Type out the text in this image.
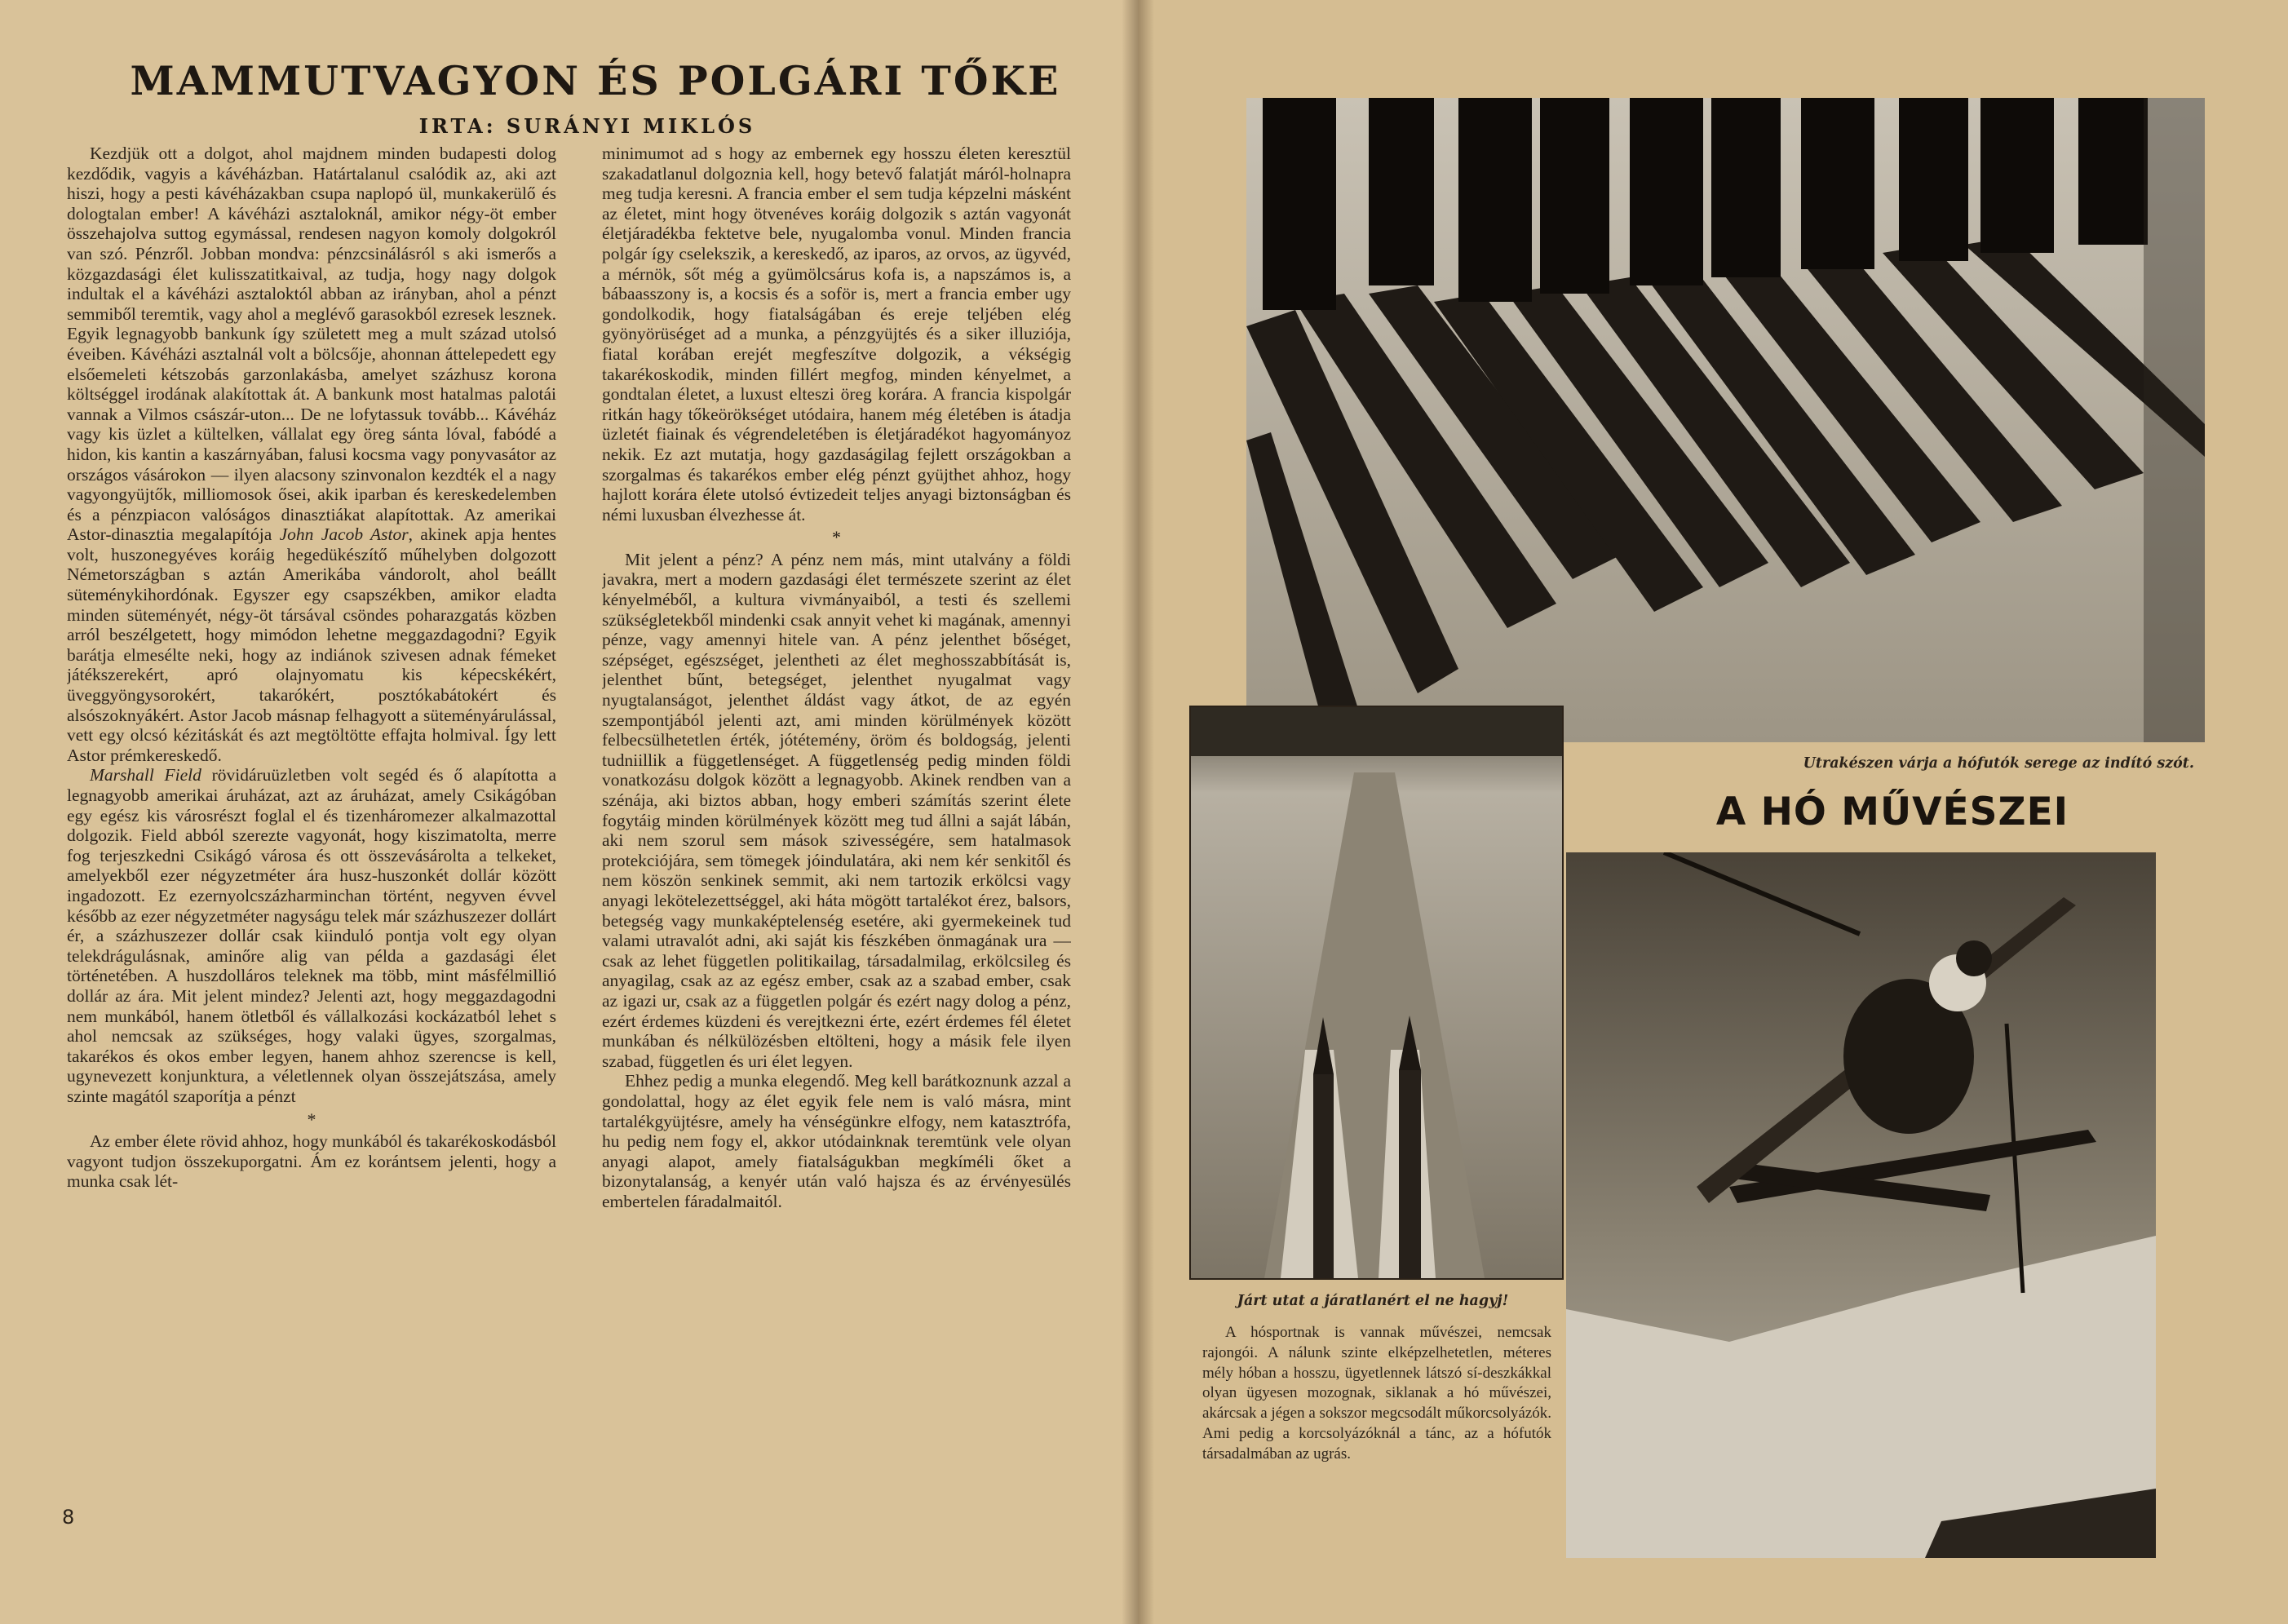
MAMMUTVAGYON ÉS POLGÁRI TŐKE
IRTA: SURÁNYI MIKLÓS

Kezdjük ott a dolgot, ahol majdnem minden budapesti dolog kezdődik, vagyis a kávéházban. Határtalanul csalódik az, aki azt hiszi, hogy a pesti kávéházakban csupa naplopó ül, munkakerülő és dologtalan ember! A kávéházi asztaloknál, amikor négy-öt ember összehajolva suttog egymással, rendesen nagyon komoly dolgokról van szó. Pénzről. Jobban mondva: pénzcsinálásról s aki ismerős a közgazdasági élet kulisszatitkaival, az tudja, hogy nagy dolgok indultak el a kávéházi asztaloktól abban az irányban, ahol a pénzt semmiből teremtik, vagy ahol a meglévő garasokból ezresek lesznek. Egyik legnagyobb bankunk így született meg a mult század utolsó éveiben. Kávéházi asztalnál volt a bölcsője, ahonnan áttelepedett egy elsőemeleti kétszobás garzonlakásba, amelyet százhusz korona költséggel irodának alakítottak át. A bankunk most hatalmas palotái vannak a Vilmos császár-uton... De ne lofytassuk tovább... Kávéház vagy kis üzlet a kültelken, vállalat egy öreg sánta lóval, fabódé a hidon, kis kantin a kaszárnyában, falusi kocsma vagy ponyvasátor az országos vásárokon — ilyen alacsony szinvonalon kezdték el a nagy vagyongyüjtők, milliomosok ősei, akik iparban és kereskedelemben és a pénzpiacon valóságos dinasztiákat alapítottak. Az amerikai Astor-dinasztia megalapítója John Jacob Astor, akinek apja hentes volt, huszonegyéves koráig hegedükészítő műhelyben dolgozott Németországban s aztán Amerikába vándorolt, ahol beállt süteménykihordónak. Egyszer egy csapszékben, amikor eladta minden süteményét, négy-öt társával csöndes poharazgatás közben arról beszélgetett, hogy mimódon lehetne meggazdagodni? Egyik barátja elmesélte neki, hogy az indiánok szivesen adnak fémeket játékszerekért, apró olajnyomatu kis képecskékért, üveggyöngysorokért, takarókért, posztókabátokért és alsószoknyákért. Astor Jacob másnap felhagyott a süteményárulással, vett egy olcsó kézitáskát és azt megtöltötte effajta holmival. Így lett Astor prémkereskedő.

Marshall Field rövidáruüzletben volt segéd és ő alapította a legnagyobb amerikai áruházat, azt az áruházat, amely Csikágóban egy egész kis városrészt foglal el és tizenháromezer alkalmazottal dolgozik. Field abból szerezte vagyonát, hogy kiszimatolta, merre fog terjeszkedni Csikágó városa és ott összevásárolta a telkeket, amelyekből ezer négyzetméter ára husz-huszonkét dollár között ingadozott. Ez ezernyolcszázharminchan történt, negyven évvel később az ezer négyzetméter nagyságu telek már százhuszezer dollárt ér, a százhuszezer dollár csak kiinduló pontja volt egy olyan telekdrágulásnak, aminőre alig van példa a gazdasági élet történetében. A huszdolláros teleknek ma több, mint másfélmillió dollár az ára. Mit jelent mindez? Jelenti azt, hogy meggazdagodni nem munkából, hanem ötletből és vállalkozási kockázatból lehet s ahol nemcsak az szükséges, hogy valaki ügyes, szorgalmas, takarékos és okos ember legyen, hanem ahhoz szerencse is kell, ugynevezett konjunktura, a véletlennek olyan összejátszása, amely szinte magától szaporítja a pénzt

*

Az ember élete rövid ahhoz, hogy munkából és takarékoskodásból vagyont tudjon összekuporgatni. Ám ez korántsem jelenti, hogy a munka csak lét-

minimumot ad s hogy az embernek egy hosszu életen keresztül szakadatlanul dolgoznia kell, hogy betevő falatját máról-holnapra meg tudja keresni. A francia ember el sem tudja képzelni másként az életet, mint hogy ötvenéves koráig dolgozik s aztán vagyonát életjáradékba fektetve bele, nyugalomba vonul. Minden francia polgár így cselekszik, a kereskedő, az iparos, az orvos, az ügyvéd, a mérnök, sőt még a gyümölcsárus kofa is, a napszámos is, a bábaasszony is, a kocsis és a soför is, mert a francia ember ugy gondolkodik, hogy fiatalságában és ereje teljében elég gyönyörüséget ad a munka, a pénzgyüjtés és a siker illuziója, fiatal korában erejét megfeszítve dolgozik, a vékségig takarékoskodik, minden fillért megfog, minden kényelmet, a gondtalan életet, a luxust elteszi öreg korára. A francia kispolgár ritkán hagy tőkeörökséget utódaira, hanem még életében is átadja üzletét fiainak és végrendeletében is életjáradékot hagyományoz nekik. Ez azt mutatja, hogy gazdaságilag fejlett országokban a szorgalmas és takarékos ember elég pénzt gyüjthet ahhoz, hogy hajlott korára élete utolsó évtizedeit teljes anyagi biztonságban és némi luxusban élvezhesse át.

*

Mit jelent a pénz? A pénz nem más, mint utalvány a földi javakra, mert a modern gazdasági élet természete szerint az élet kényelméből, a kultura vivmányaiból, a testi és szellemi szükségletekből mindenki csak annyit vehet ki magának, amennyi pénze, vagy amennyi hitele van. A pénz jelenthet bőséget, szépséget, egészséget, jelentheti az élet meghosszabbítását is, jelenthet bűnt, betegséget, jelenthet nyugalmat vagy nyugtalanságot, jelenthet áldást vagy átkot, de az egyén szempontjából jelenti azt, ami minden körülmények között felbecsülhetetlen érték, jótétemény, öröm és boldogság, jelenti tudniillik a függetlenséget. A függetlenség pedig minden földi vonatkozásu dolgok között a legnagyobb. Akinek rendben van a szénája, aki biztos abban, hogy emberi számítás szerint élete fogytáig minden körülmények között meg tud állni a saját lábán, aki nem szorul sem mások szivességére, sem hatalmasok protekciójára, sem tömegek jóindulatára, aki nem kér senkitől és nem köszön senkinek semmit, aki nem tartozik erkölcsi vagy anyagi lekötelezettséggel, aki háta mögött tartalékot érez, balsors, betegség vagy munkaképtelenség esetére, aki gyermekeinek tud valami utravalót adni, aki saját kis fészkében önmagának ura — csak az lehet független politikailag, társadalmilag, erkölcsileg és anyagilag, csak az az egész ember, csak az a szabad ember, csak az igazi ur, csak az a független polgár és ezért nagy dolog a pénz, ezért érdemes küzdeni és verejtkezni érte, ezért érdemes fél életet munkában és nélkülözésben eltölteni, hogy a másik fele ilyen szabad, független és uri élet legyen.

Ehhez pedig a munka elegendő. Meg kell barátkoznunk azzal a gondolattal, hogy az élet egyik fele nem is való másra, mint tartalékgyüjtésre, amely ha vénségünkre elfogy, nem katasztrófa, hu pedig nem fogy el, akkor utódainknak teremtünk vele olyan anyagi alapot, amely fiatalságukban megkíméli őket a bizonytalanság, a kenyér után való hajsza és az érvényesülés embertelen fáradalmaitól.

8
Utrakészen várja a hófutók serege az indító szót.
A HÓ MŰVÉSZEI
Járt utat a járatlanért el ne hagyj!

A hósportnak is vannak művészei, nemcsak rajongói. A nálunk szinte elképzelhetetlen, méteres mély hóban a hosszu, ügyetlennek látszó sí-deszkákkal olyan ügyesen mozognak, siklanak a hó művészei, akárcsak a jégen a sokszor megcsodált műkorcsolyázók. Ami pedig a korcsolyázóknál a tánc, az a hófutók társadalmában az ugrás.
